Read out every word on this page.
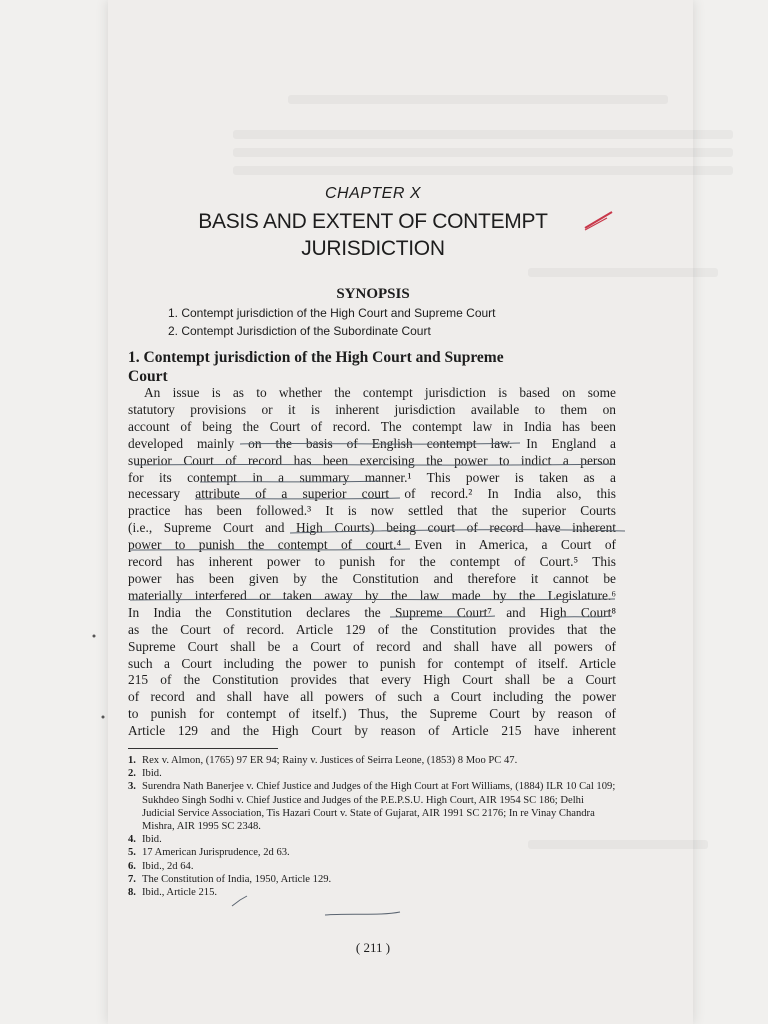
CHAPTER X
BASIS AND EXTENT OF CONTEMPT
JURISDICTION
SYNOPSIS
1. Contempt jurisdiction of the High Court and Supreme Court
2. Contempt Jurisdiction of the Subordinate Court
1. Contempt jurisdiction of the High Court and Supreme
Court

An issue is as to whether the contempt jurisdiction is based on some
statutory provisions or it is inherent jurisdiction available to them on
account of being the Court of record. The contempt law in India has been
developed mainly on the basis of English contempt law. In England a
superior Court of record has been exercising the power to indict a person
for its contempt in a summary manner.¹ This power is taken as a
necessary attribute of a superior court of record.² In India also, this
practice has been followed.³ It is now settled that the superior Courts
(i.e., Supreme Court and High Courts) being court of record have inherent
power to punish the contempt of court.⁴ Even in America, a Court of
record has inherent power to punish for the contempt of Court.⁵ This
power has been given by the Constitution and therefore it cannot be
materially interfered or taken away by the law made by the Legislature.⁶
In India the Constitution declares the Supreme Court⁷ and High Court⁸
as the Court of record. Article 129 of the Constitution provides that the
Supreme Court shall be a Court of record and shall have all powers of
such a Court including the power to punish for contempt of itself. Article
215 of the Constitution provides that every High Court shall be a Court
of record and shall have all powers of such a Court including the power
to punish for contempt of itself.) Thus, the Supreme Court by reason of
Article 129 and the High Court by reason of Article 215 have inherent

1. Rex v. Almon, (1765) 97 ER 94; Rainy v. Justices of Seirra Leone, (1853) 8 Moo PC 47.
2. Ibid.
3. Surendra Nath Banerjee v. Chief Justice and Judges of the High Court at Fort Williams, (1884) ILR 10 Cal 109; Sukhdeo Singh Sodhi v. Chief Justice and Judges of the P.E.P.S.U. High Court, AIR 1954 SC 186; Delhi Judicial Service Association, Tis Hazari Court v. State of Gujarat, AIR 1991 SC 2176; In re Vinay Chandra Mishra, AIR 1995 SC 2348.
4. Ibid.
5. 17 American Jurisprudence, 2d 63.
6. Ibid., 2d 64.
7. The Constitution of India, 1950, Article 129.
8. Ibid., Article 215.
( 211 )
